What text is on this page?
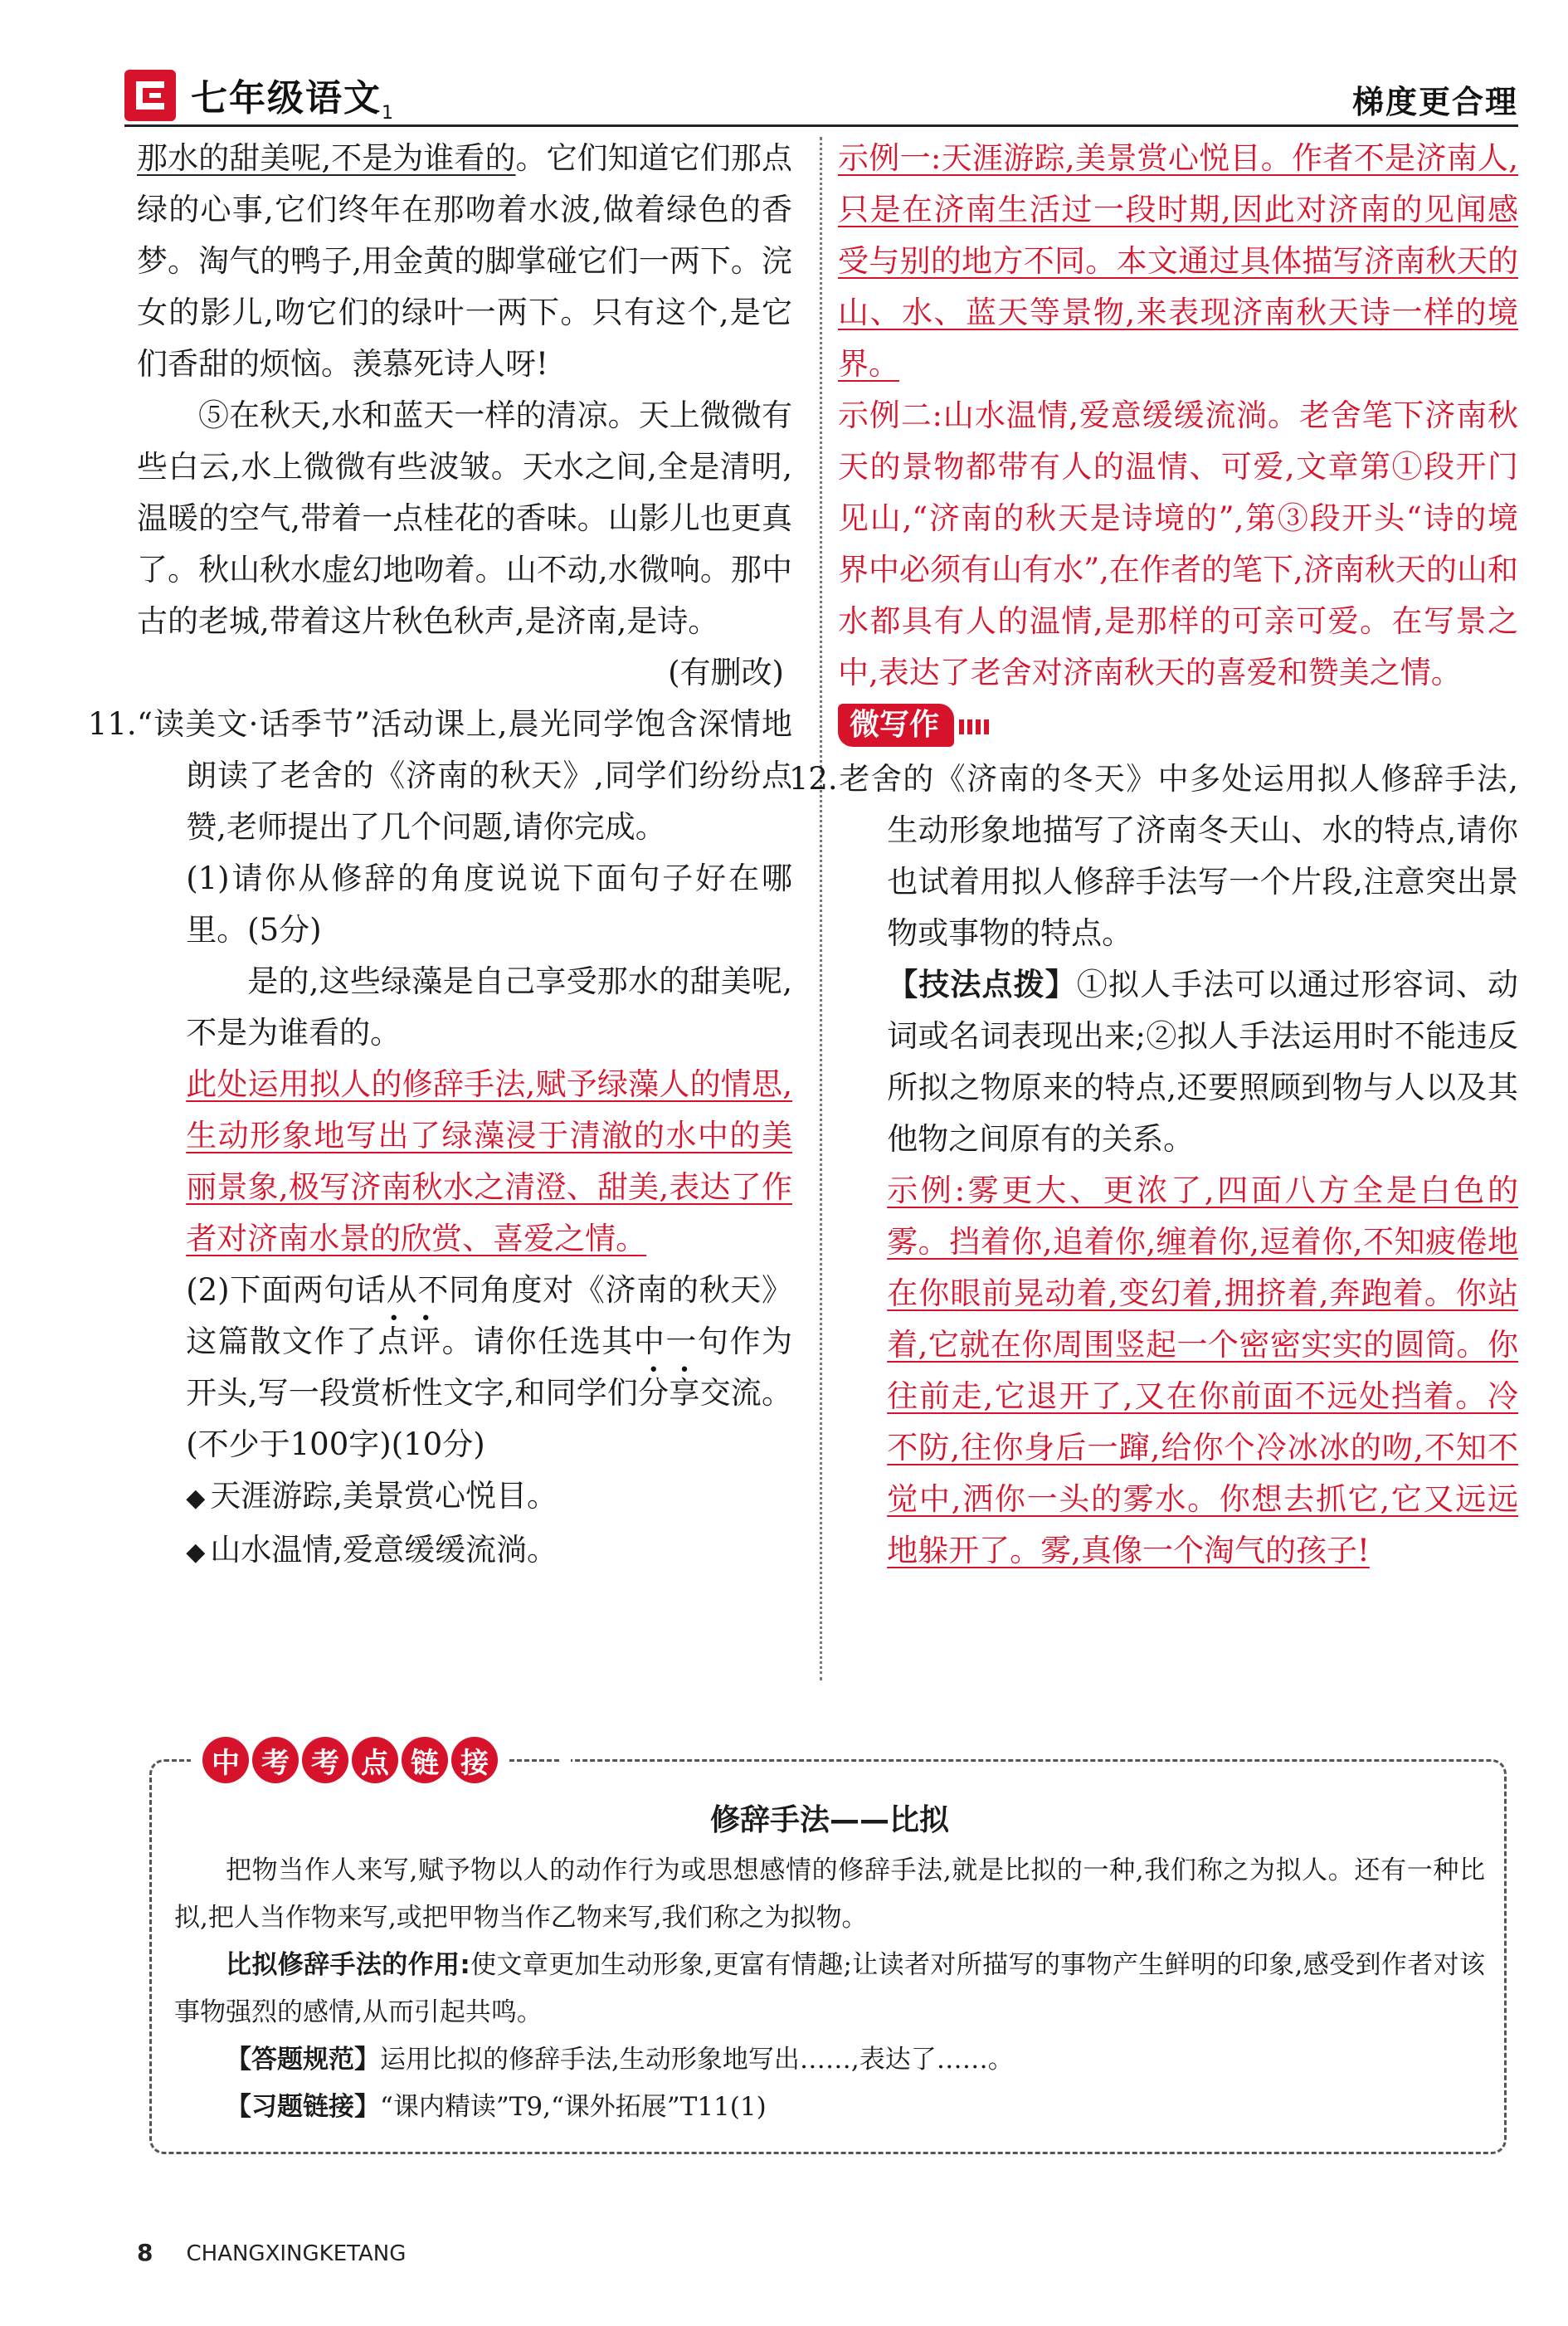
七年级语文$_1$	梯度更合理

那水的甜美呢,不是为谁看的。它们知道它们那点绿的心事,它们终年在那吻着水波,做着绿色的香梦。淘气的鸭子,用金黄的脚掌碰它们一两下。浣女的影儿,吻它们的绿叶一两下。只有这个,是它们香甜的烦恼。羡慕死诗人呀!

⑤在秋天,水和蓝天一样的清凉。天上微微有些白云,水上微微有些波皱。天水之间,全是清明,温暖的空气,带着一点桂花的香味。山影儿也更真了。秋山秋水虚幻地吻着。山不动,水微响。那中古的老城,带着这片秋色秋声,是济南,是诗。

(有删改)

11.“读美文·话季节”活动课上,晨光同学饱含深情地朗读了老舍的《济南的秋天》,同学们纷纷点赞,老师提出了几个问题,请你完成。

(1)请你从修辞的角度说说下面句子好在哪里。(5分)

是的,这些绿藻是自己享受那水的甜美呢,不是为谁看的。

此处运用拟人的修辞手法,赋予绿藻人的情思,生动形象地写出了绿藻浸于清澈的水中的美丽景象,极写济南秋水之清澄、甜美,表达了作者对济南水景的欣赏、喜爱之情。

(2)下面两句话从不同角度对《济南的秋天》这篇散文作了点评。请你任选其中一句作为开头,写一段赏析性文字,和同学们分享交流。(不少于100字)(10分)

◆ 天涯游踪,美景赏心悦目。

◆ 山水温情,爱意缓缓流淌。

示例一:天涯游踪,美景赏心悦目。作者不是济南人,只是在济南生活过一段时期,因此对济南的见闻感受与别的地方不同。本文通过具体描写济南秋天的山、水、蓝天等景物,来表现济南秋天诗一样的境界。

示例二:山水温情,爱意缓缓流淌。老舍笔下济南秋天的景物都带有人的温情、可爱,文章第①段开门见山,“济南的秋天是诗境的”,第③段开头“诗的境界中必须有山有水”,在作者的笔下,济南秋天的山和水都具有人的温情,是那样的可亲可爱。在写景之中,表达了老舍对济南秋天的喜爱和赞美之情。

微写作

12.老舍的《济南的冬天》中多处运用拟人修辞手法,生动形象地描写了济南冬天山、水的特点,请你也试着用拟人修辞手法写一个片段,注意突出景物或事物的特点。

【技法点拨】①拟人手法可以通过形容词、动词或名词表现出来;②拟人手法运用时不能违反所拟之物原来的特点,还要照顾到物与人以及其他物之间原有的关系。

示例:雾更大、更浓了,四面八方全是白色的雾。挡着你,追着你,缠着你,逗着你,不知疲倦地在你眼前晃动着,变幻着,拥挤着,奔跑着。你站着,它就在你周围竖起一个密密实实的圆筒。你往前走,它退开了,又在你前面不远处挡着。冷不防,往你身后一蹿,给你个冷冰冰的吻,不知不觉中,洒你一头的雾水。你想去抓它,它又远远地躲开了。雾,真像一个淘气的孩子!

中 考 考 点 链 接
修辞手法——比拟

把物当作人来写,赋予物以人的动作行为或思想感情的修辞手法,就是比拟的一种,我们称之为拟人。还有一种比拟,把人当作物来写,或把甲物当作乙物来写,我们称之为拟物。

比拟修辞手法的作用:使文章更加生动形象,更富有情趣;让读者对所描写的事物产生鲜明的印象,感受到作者对该事物强烈的感情,从而引起共鸣。

【答题规范】运用比拟的修辞手法,生动形象地写出……,表达了……。

【习题链接】“课内精读”T9,“课外拓展”T11(1)

8 CHANGXINGKETANG
